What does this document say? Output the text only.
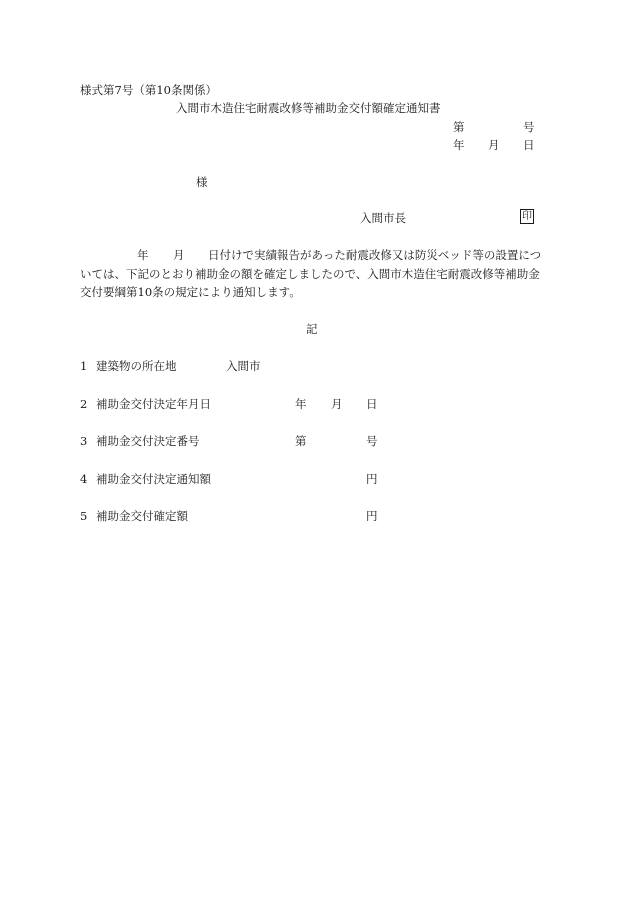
様式第7号（第10条関係）
入間市木造住宅耐震改修等補助金交付額確定通知書
第	号
年 月 日
様
入間市長	印
年 月 日付けで実績報告があった耐震改修又は防災ベッド等の設置につ

いては、下記のとおり補助金の額を確定しましたので、入間市木造住宅耐震改修等補助金

交付要綱第10条の規定により通知します。

記
1 建築物の所在地	入間市
2 補助金交付決定年月日	年 月 日
3 補助金交付決定番号	第	号
4 補助金交付決定通知額	円
5 補助金交付確定額	円
